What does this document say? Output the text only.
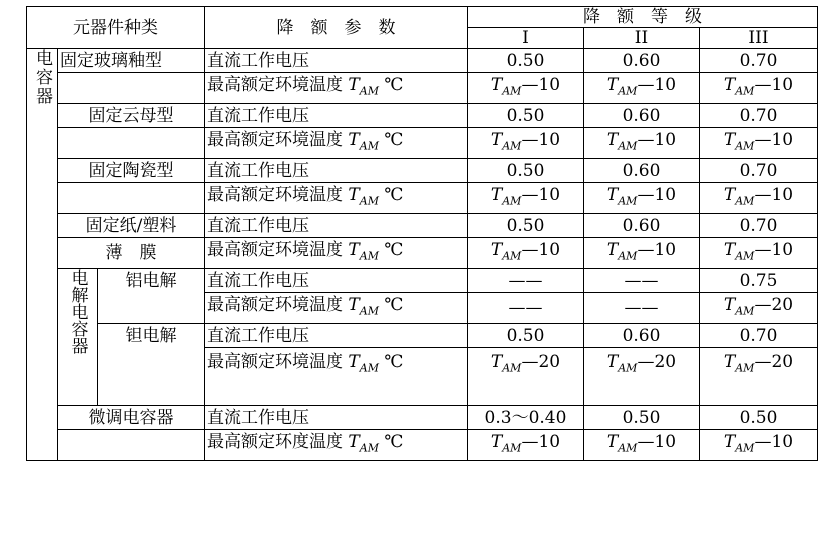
元器件种类			降　额　参　数	降　额　等　级		
				I	II	III

电容器	固定玻璃釉型		直流工作电压	0.50	0.60	0.70
			最高额定环境温度 $T_{AM}$ ℃	$T_{AM}—10$	$T_{AM}—10$	$T_{AM}—10$
	固定云母型		直流工作电压	0.50	0.60	0.70
			最高额定环境温度 $T_{AM}$ ℃	$T_{AM}—10$	$T_{AM}—10$	$T_{AM}—10$
	固定陶瓷型		直流工作电压	0.50	0.60	0.70
			最高额定环境温度 $T_{AM}$ ℃	$T_{AM}—10$	$T_{AM}—10$	$T_{AM}—10$
	固定纸/塑料		直流工作电压	0.50	0.60	0.70
	薄　膜		最高额定环境温度 $T_{AM}$ ℃	$T_{AM}—10$	$T_{AM}—10$	$T_{AM}—10$

	电解电容器	铝电解	直流工作电压	——	——	0.75
			最高额定环境温度 $T_{AM}$ ℃	——	——	$T_{AM}—20$
		钽电解	直流工作电压	0.50	0.60	0.70
			最高额定环境温度 $T_{AM}$ ℃	$T_{AM}—20$	$T_{AM}—20$	$T_{AM}—20$
	微调电容器		直流工作电压	0.3～0.40	0.50	0.50
			最高额定环度温度 $T_{AM}$ ℃	$T_{AM}—10$	$T_{AM}—10$	$T_{AM}—10$
